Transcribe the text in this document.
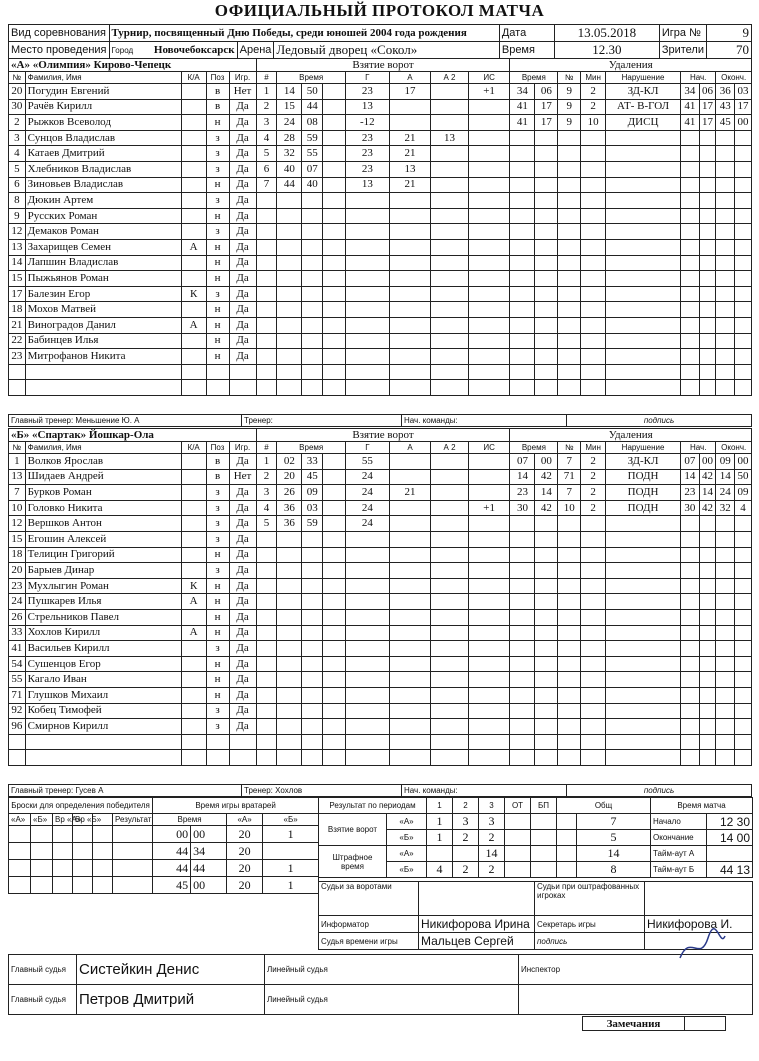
ОФИЦИАЛЬНЫЙ ПРОТОКОЛ МАТЧА
Вид соревнования	Турнир, посвященный Дню Победы, среди юношей 2004 года рождения			Дата	13.05.2018	Игра №	9
Место проведения	Город Новочебоксарск	Арена	Ледовый дворец «Сокол»	Время	12.30	Зрители	70
«А» «Олимпия» Кирово-Чепецк					Взятие ворот								Удаления								
№	Фамилия, Имя	К/А	Поз	Игр.	#	Время			Г	А	А 2	ИС	Время		№	Мин	Нарушение	Нач.		Оконч.	
20	Погудин Евгений		в	Нет	1	14	50		23	17		+1	34	06	9	2	ЗД-КЛ	34	06	36	03
30	Рачёв Кирилл		в	Да	2	15	44		13				41	17	9	2	АТ- В-ГОЛ	41	17	43	17
2	Рыжков Всеволод		н	Да	3	24	08		-12				41	17	9	10	ДИСЦ	41	17	45	00
3	Сунцов Владислав		з	Да	4	28	59		23	21	13										
4	Катаев Дмитрий		з	Да	5	32	55		23	21											
5	Хлебников Владислав		з	Да	6	40	07		23	13											
6	Зиновьев Владислав		н	Да	7	44	40		13	21											
8	Дюкин Артем		з	Да																	
9	Русских Роман		н	Да																	
12	Демаков Роман		з	Да																	
13	Захарищев Семен	А	н	Да																	
14	Лапшин Владислав		н	Да																	
15	Пыжьянов Роман		н	Да																	
17	Балезин Егор	К	з	Да																	
18	Мохов Матвей		н	Да																	
21	Виноградов Данил	А	н	Да																	
22	Бабинцев Илья		н	Да																	
23	Митрофанов Никита		н	Да																	

Главный тренер: Меньшение Ю. А	Тренер:	Нач. команды:	подпись
«Б» «Спартак» Йошкар-Ола					Взятие ворот								Удаления								
№	Фамилия, Имя	К/А	Поз	Игр.	#	Время			Г	А	А 2	ИС	Время		№	Мин	Нарушение	Нач.		Оконч.	
1	Волков Ярослав		в	Да	1	02	33		55				07	00	7	2	ЗД-КЛ	07	00	09	00
13	Шидаев Андрей		в	Нет	2	20	45		24				14	42	71	2	ПОДН	14	42	14	50
7	Бурков Роман		з	Да	3	26	09		24	21			23	14	7	2	ПОДН	23	14	24	09
10	Головко Никита		з	Да	4	36	03		24			+1	30	42	10	2	ПОДН	30	42	32	4
12	Вершков Антон		з	Да	5	36	59		24												
15	Егошин Алексей		з	Да																	
18	Телицин Григорий		н	Да																	
20	Барыев Динар		з	Да																	
23	Мухлыгин Роман	К	н	Да																	
24	Пушкарев Илья	А	н	Да																	
26	Стрельников Павел		н	Да																	
33	Хохлов Кирилл	А	н	Да																	
41	Васильев Кирилл		з	Да																	
54	Сушенцов Егор		н	Да																	
55	Кагало Иван		н	Да																	
71	Глушков Михаил		н	Да																	
92	Кобец Тимофей		з	Да																	
96	Смирнов Кирилл		з	Да																	

Главный тренер: Гусев А	Тренер: Хохлов	Нач. команды:	подпись
Броски для определения победителя						Время игры вратарей			
«А»	«Б»	Вр «А»	Вр «Б»		Результат	Время		«А»	«Б»
						00	00	20	1
						44	34	20	
						44	44	20	1
						45	00	20	1
Результат по периодам		1	2	3	ОТ	БП	Общ	
Взятие ворот	«А»	1	3	3				7
	«Б»	1	2	2				5
Штрафное время	«А»			14				14
	«Б»	4	2	2				8
Время матча	
Начало	12 30
Окончание	14 00
Тайм-аут А	
Тайм-аут Б	44 13
Судьи за воротами		Судьи при оштрафованных игроках	
Информатор	Никифорова Ирина	Секретарь игры	Никифорова И.
Судья времени игры	Мальцев Сергей	подпись	
Главный судья	Систейкин Денис	Линейный судья	Инспектор
Главный судья	Петров Дмитрий	Линейный судья	
Замечания	
